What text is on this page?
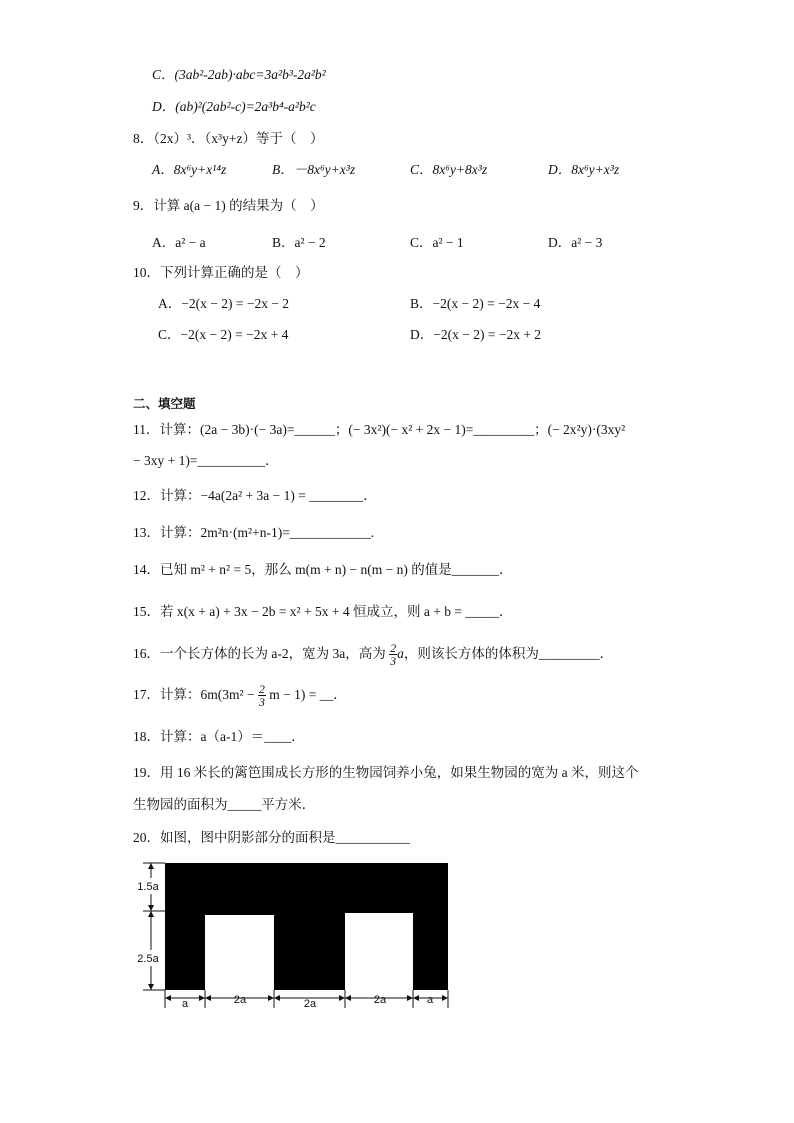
C．(3ab²-2ab)·abc=3a²b³-2a²b²
D．(ab)²(2ab²-c)=2a³b⁴-a²b²c
8．（2x）³．（x³y+z）等于（　）
A．8x⁶y+x¹⁴z	B．－8x⁶y+x³z	C．8x⁶y+8x³z	D．8x⁶y+x³z
9．计算 a(a − 1) 的结果为（　）
A．a² − a	B．a² − 2	C．a² − 1	D．a² − 3
10．下列计算正确的是（　）
A．−2(x − 2) = −2x − 2	B．−2(x − 2) = −2x − 4
C．−2(x − 2) = −2x + 4	D．−2(x − 2) = −2x + 2
二、填空题
11．计算：(2a − 3b)·(− 3a)=______；(− 3x²)(− x² + 2x − 1)=_________；(− 2x²y)·(3xy²
− 3xy + 1)=__________．
12．计算：−4a(2a² + 3a − 1) = ________．
13．计算：2m²n·(m²+n-1)=____________.
14．已知 m² + n² = 5，那么 m(m + n) − n(m − n) 的值是_______．
15．若 x(x + a) + 3x − 2b = x² + 5x + 4 恒成立，则 a + b = _____．
16．一个长方体的长为 a-2，宽为 3a，高为 $\frac{2}{3}$ a，则该长方体的体积为_________．
17．计算：$6m(3m^2 - \frac{2}{3}$ m − 1) = __．
18．计算：a（a-1）＝____．
19．用 16 米长的篱笆围成长方形的生物园饲养小兔，如果生物园的宽为 a 米，则这个
生物园的面积为_____平方米．
20．如图，图中阴影部分的面积是___________
1.5a
2.5a
a	2a	2a	2a	a
